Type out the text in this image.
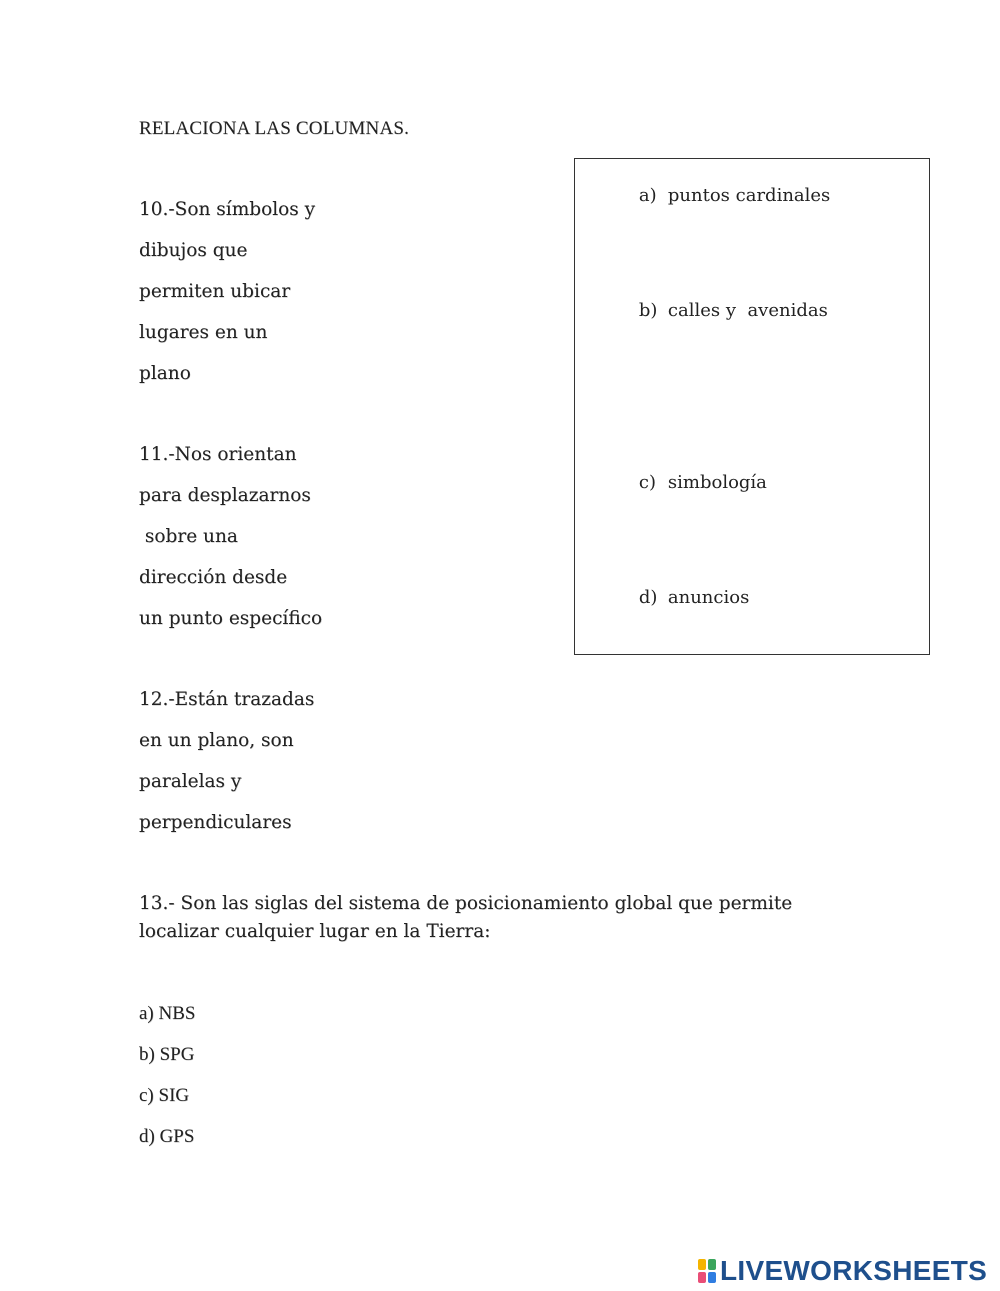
RELACIONA LAS COLUMNAS.
10.-Son símbolos y
dibujos que
permiten ubicar
lugares en un
plano
11.-Nos orientan
para desplazarnos
sobre una
dirección desde
un punto específico
12.-Están trazadas
en un plano, son
paralelas y
perpendiculares

a) puntos cardinales

b) calles y  avenidas

c) simbología

d) anuncios

13.- Son las siglas del sistema de posicionamiento global que permite localizar cualquier lugar en la Tierra:
a) NBS
b) SPG
c) SIG
d) GPS
LIVEWORKSHEETS
